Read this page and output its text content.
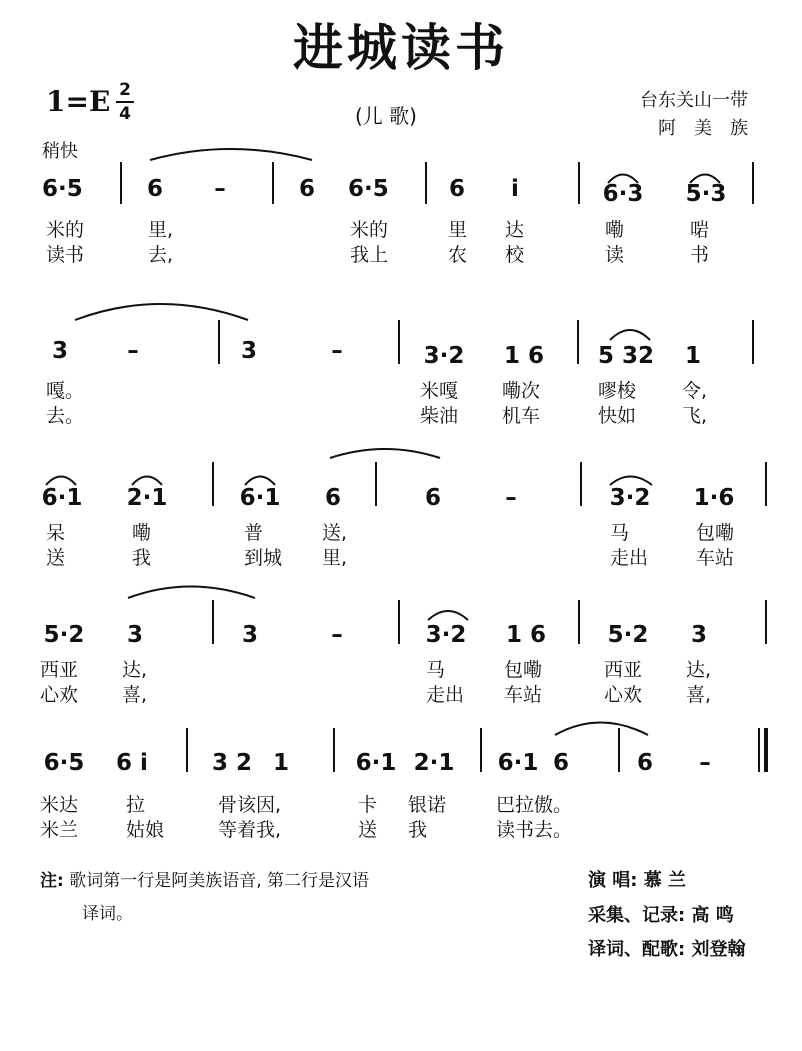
进城读书
1=E 2
4	(儿 歌)
台东关山一带
阿美族
稍快
6·5	6	–	6	6·5	6	i	6·3 5·3
米的	里,	米的	里 达	嘞	啱
读书	去,	我上	农 校	读	书
3	–	3	–	3·2 1 6 5 32	1
嘎。	米嘎 嘞次	嘐梭 令,
去。	柴油 机车	快如 飞,
6·1 2·1	6·1	6	6	–	3·2 1·6
呆	嘞	普	送,	马	包嘞
送	我	到城 里,	走出	车站
5·2	3	3	–	3·2 1 6	5·2	3
西亚 达,	马	包嘞	西亚 达,
心欢 喜,	走出 车站	心欢 喜,
6·5	6 i	3 2 1	6·1 2·1 6·1 6	6	–
米达	拉	骨该因,	卡 银诺	巴拉傲。
米兰	姑娘	等着我,	送 我	读书去。
注: 歌词第一行是阿美族语音, 第二行是汉语
译词。
演 唱: 慕 兰
采集、记录: 高 鸣
译词、配歌: 刘登翰
